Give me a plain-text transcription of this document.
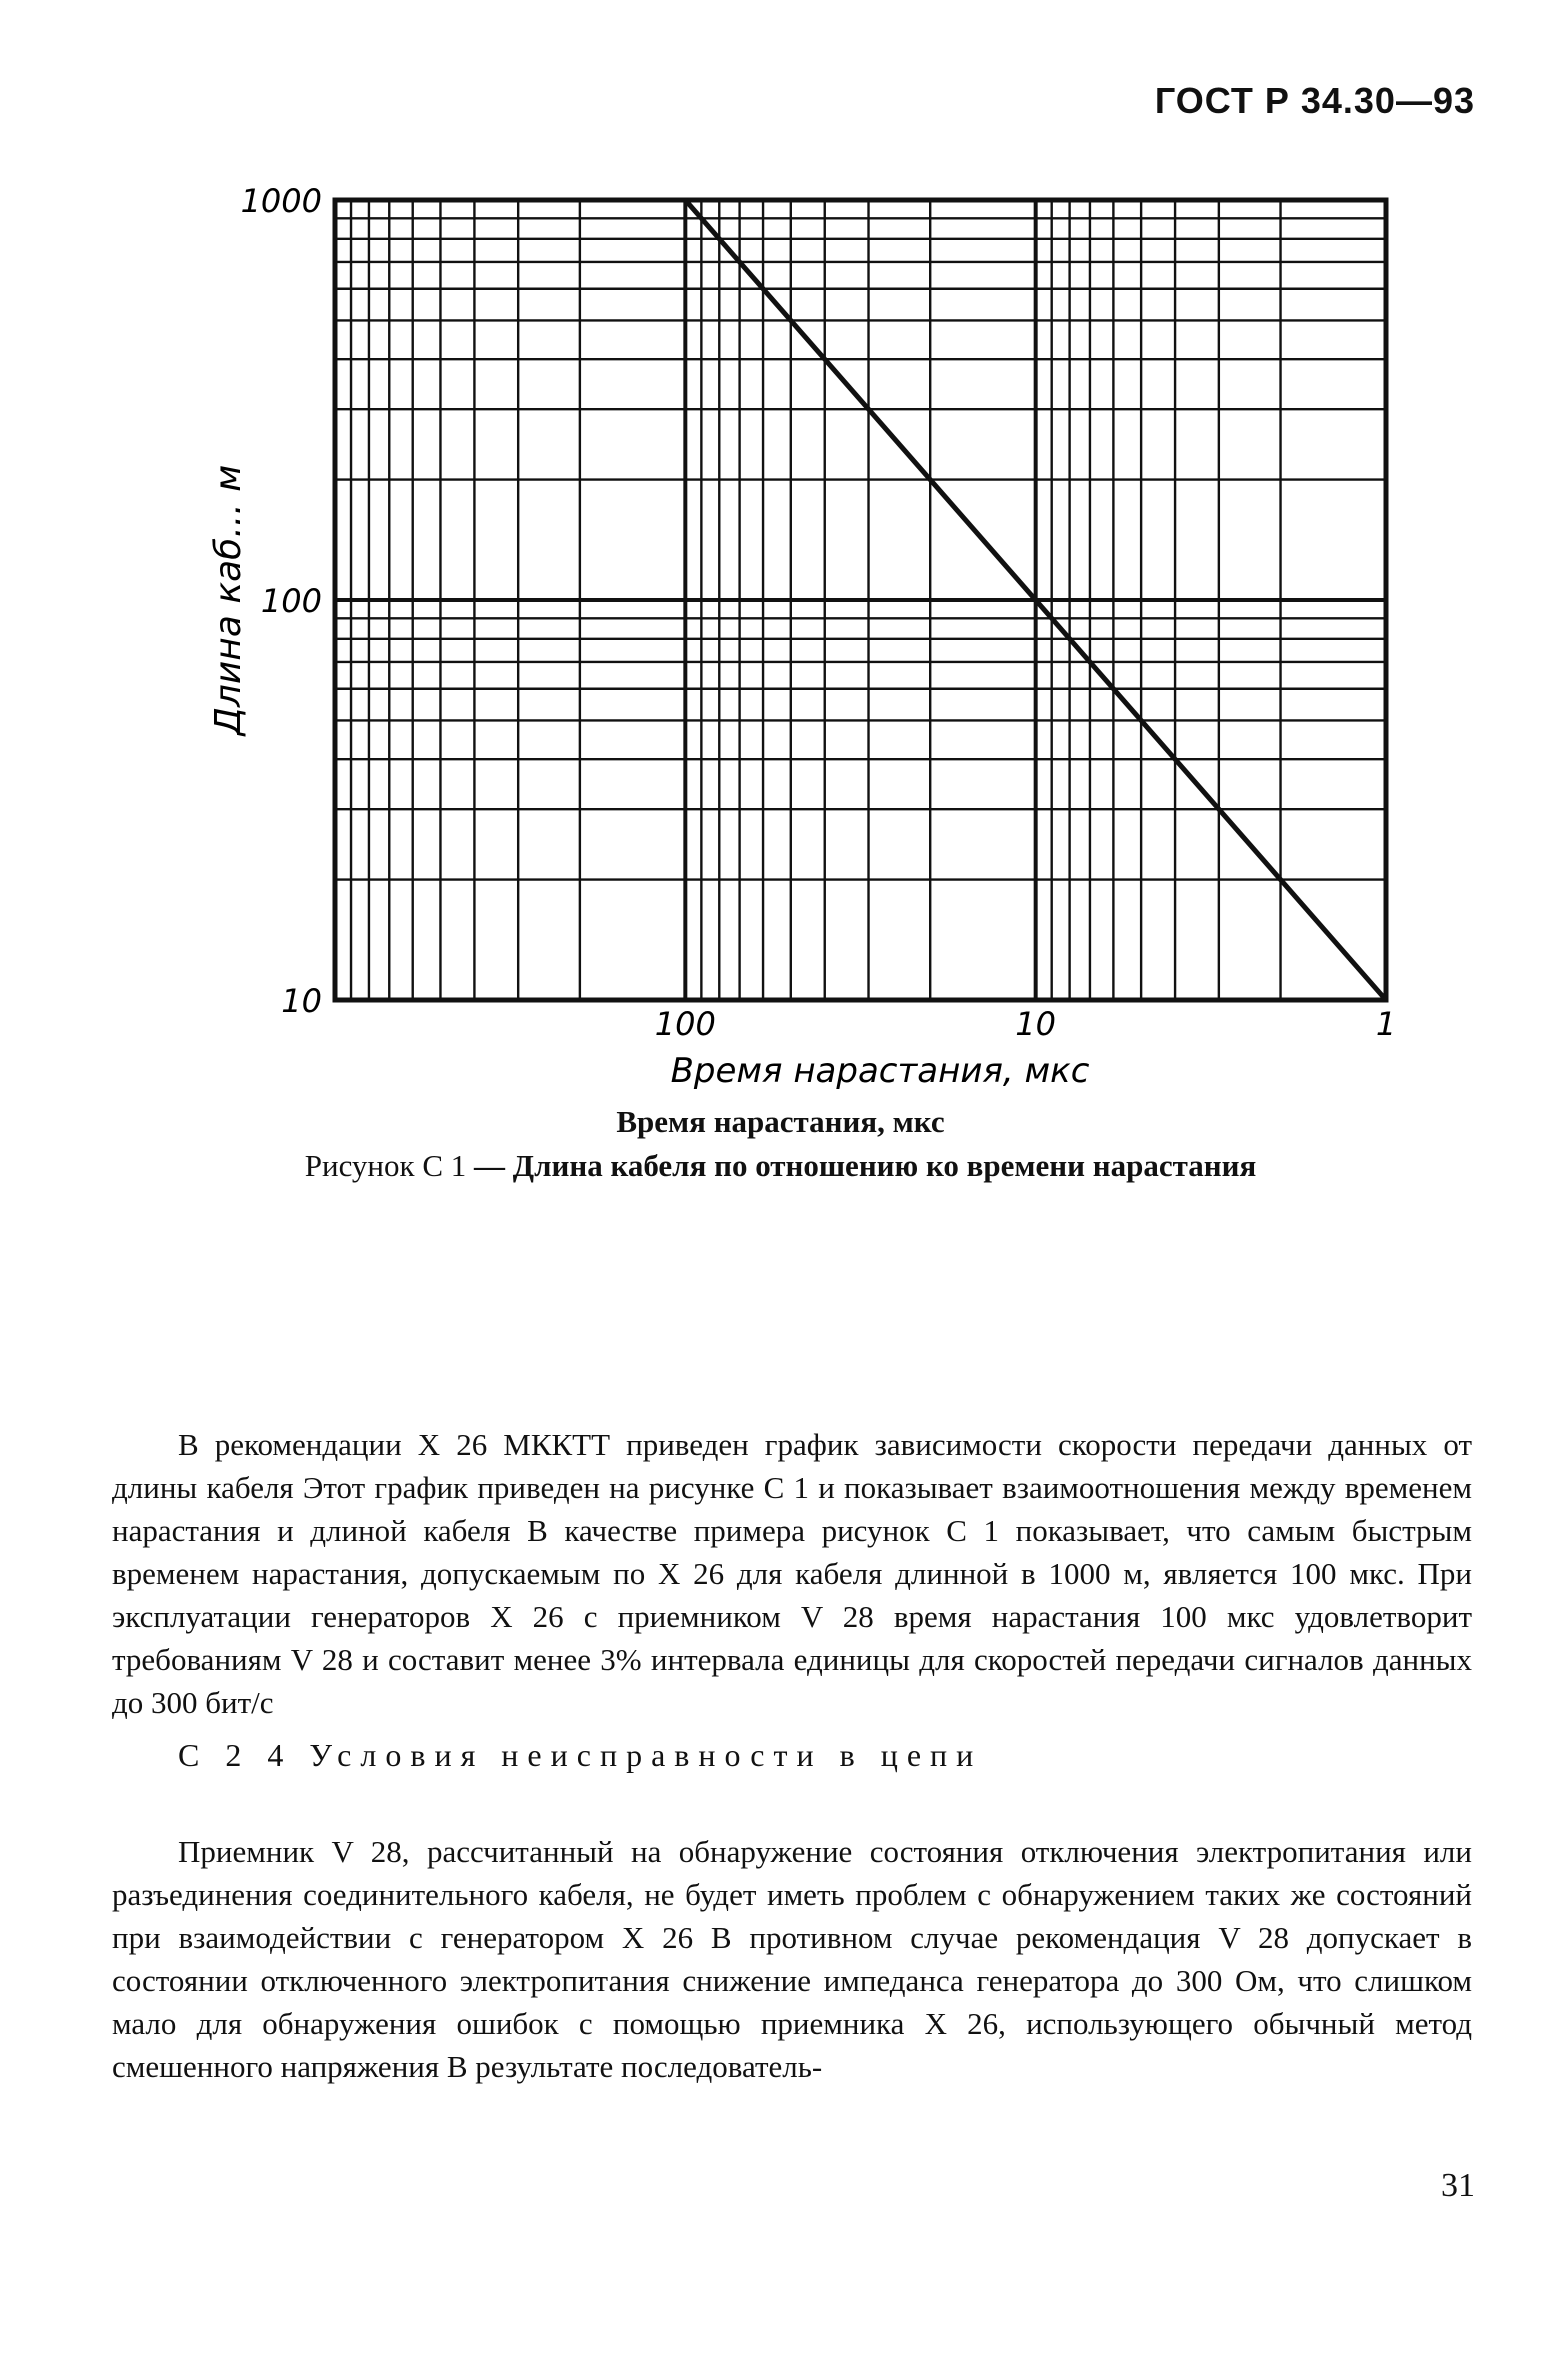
ГОСТ Р 34.30—93
1000
100
10
100	10	1
Длина каб... м
Время нарастания, мкс
Время нарастания, мкс
Рисунок С 1 — Длина кабеля по отношению ко времени нарастания

В рекомендации Х 26 МККТТ приведен график зависимости скорости передачи данных от длины кабеля Этот график приведен на рисунке С 1 и показывает взаимоотношения между временем нарастания и длиной кабеля В качестве примера рисунок С 1 показывает, что самым быстрым временем нарастания, допускаемым по Х 26 для кабеля длинной в 1000 м, является 100 мкс. При эксплуатации генераторов Х 26 с приемником V 28 время нарастания 100 мкс удовлетворит требованиям V 28 и составит менее 3% интервала единицы для скоростей передачи сигналов данных до 300 бит/с

С 2 4 Условия неисправности в цепи

Приемник V 28, рассчитанный на обнаружение состояния отключения электропитания или разъединения соединительного кабеля, не будет иметь проблем с обнаружением таких же состояний при взаимодействии с генератором Х 26 В противном случае рекомендация V 28 допускает в состоянии отключенного электропитания снижение импеданса генератора до 300 Ом, что слишком мало для обнаружения ошибок с помощью приемника Х 26, использующего обычный метод смешенного напряжения В результате последователь-

31
